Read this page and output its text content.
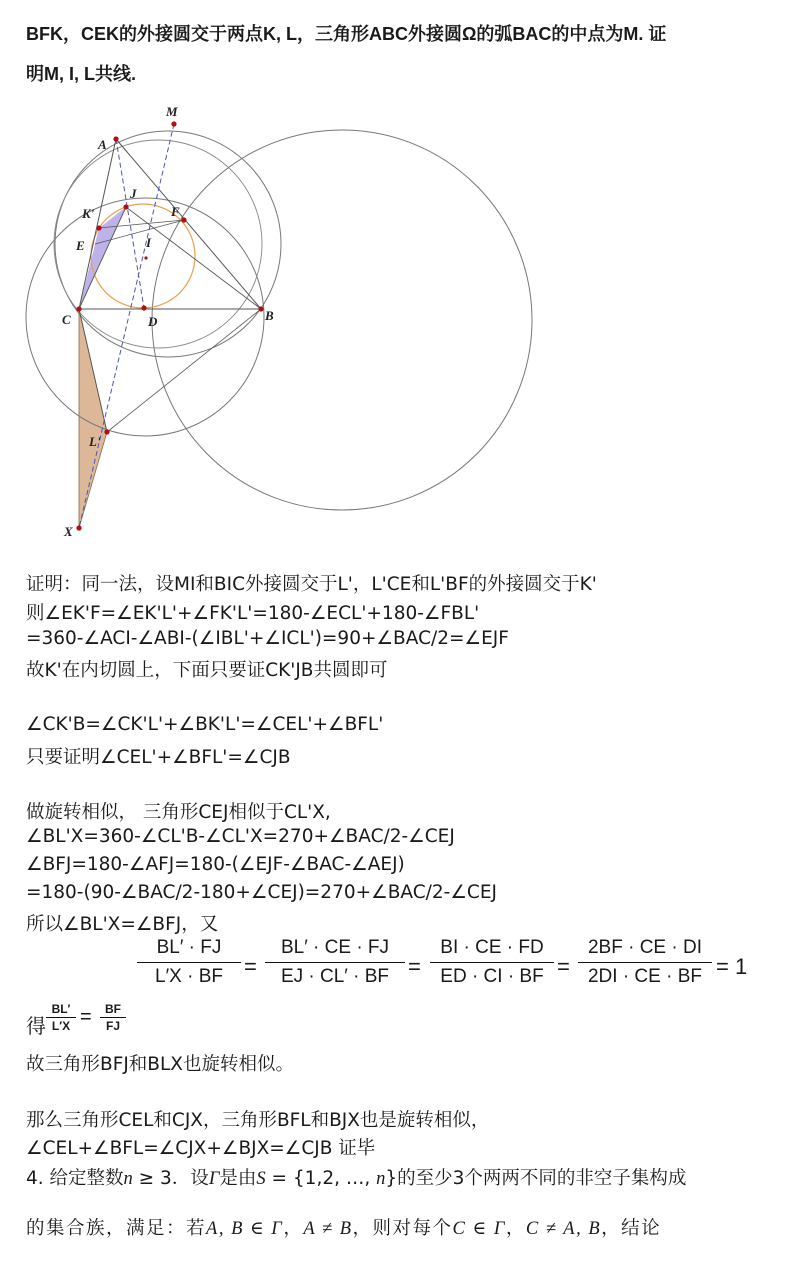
BFK，CEK的外接圆交于两点K, L，三角形ABC外接圆Ω的弧BAC的中点为M. 证
明M, I, L共线.
M
A
J
F
K'
E	I
C	D	B
L'
X
证明：同一法，设MI和BIC外接圆交于L'，L'CE和L'BF的外接圆交于K'
则∠EK'F=∠EK'L'+∠FK'L'=180-∠ECL'+180-∠FBL'
=360-∠ACI-∠ABI-(∠IBL'+∠ICL')=90+∠BAC/2=∠EJF
故K'在内切圆上，下面只要证CK'JB共圆即可
∠CK'B=∠CK'L'+∠BK'L'=∠CEL'+∠BFL'
只要证明∠CEL'+∠BFL'=∠CJB
做旋转相似， 三角形CEJ相似于CL'X,
∠BL'X=360-∠CL'B-∠CL'X=270+∠BAC/2-∠CEJ
∠BFJ=180-∠AFJ=180-(∠EJF-∠BAC-∠AEJ)
=180-(90-∠BAC/2-180+∠CEJ)=270+∠BAC/2-∠CEJ
所以∠BL'X=∠BFJ，又
BL′ · FJ
L′X · BF =
BL′ · CE · FJ
EJ · CL′ · BF =
BI · CE · FD
ED · CI · BF =
2BF · CE · DI
2DI · CE · BF = 1
得
BL′
L′X =	BF
FJ
故三角形BFJ和BLX也旋转相似。
那么三角形CEL和CJX，三角形BFL和BJX也是旋转相似，
∠CEL+∠BFL=∠CJX+∠BJX=∠CJB 证毕
4. 给定整数n ≥ 3．设Γ是由S = {1,2, …, n}的至少3个两两不同的非空子集构成
的集合族，满足：若A, B ∈ Γ，A ≠ B，则对每个C ∈ Γ，C ≠ A, B，结论
